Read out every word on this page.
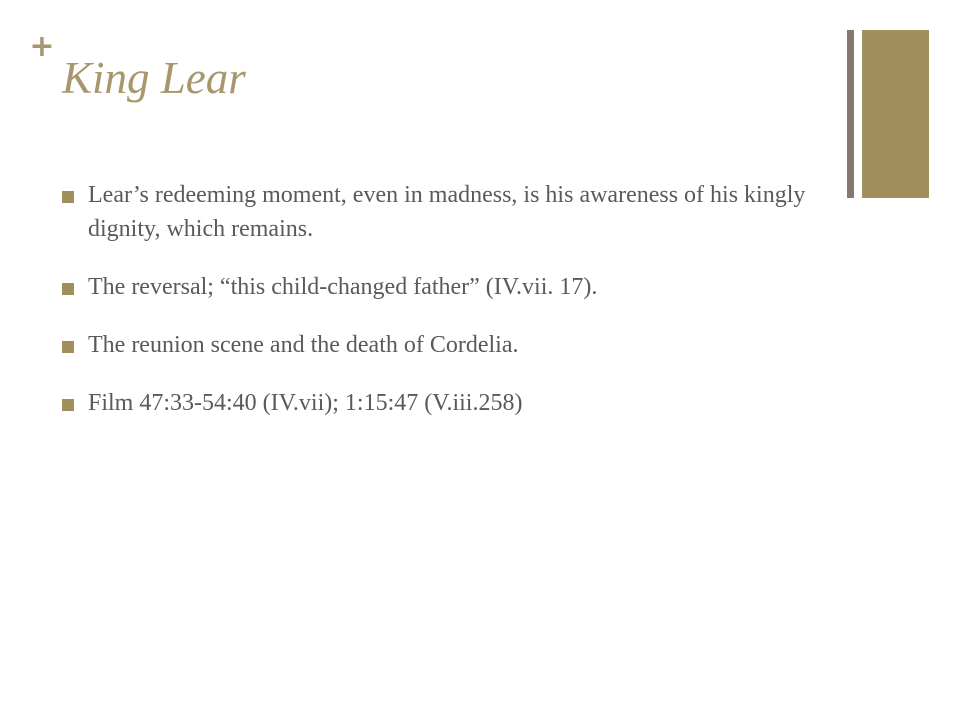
+
King Lear
Lear’s redeeming moment, even in madness, is his awareness of his kingly dignity, which remains.
The reversal; “this child-changed father” (IV.vii. 17).
The reunion scene and the death of Cordelia.
Film 47:33-54:40 (IV.vii); 1:15:47 (V.iii.258)
